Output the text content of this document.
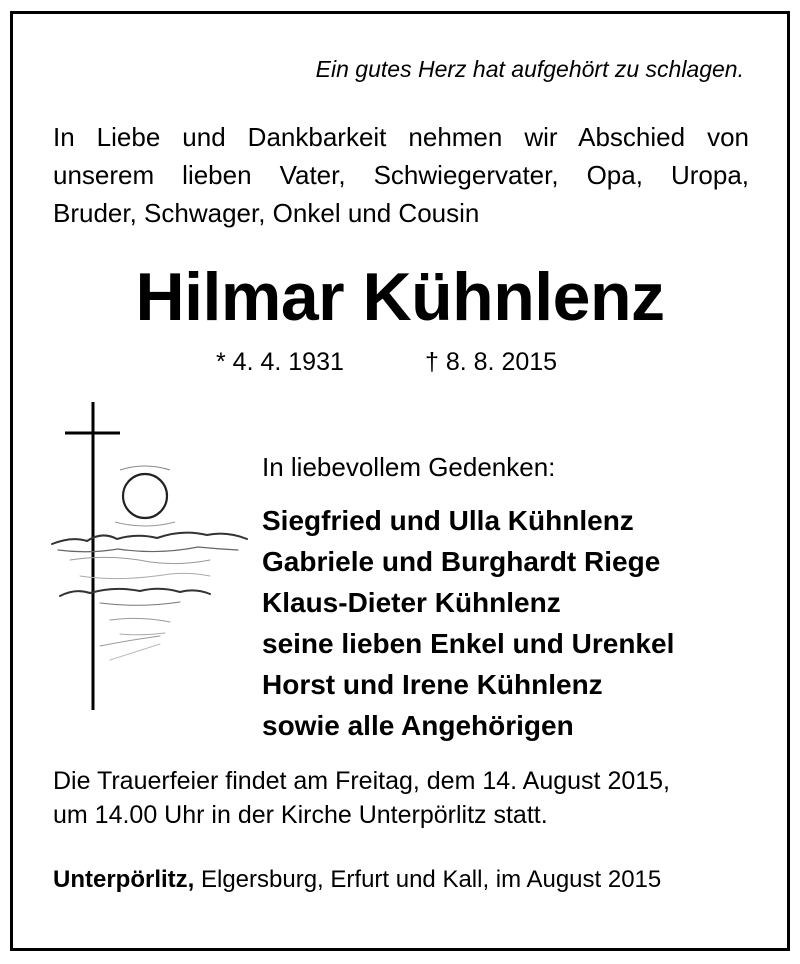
Ein gutes Herz hat aufgehört zu schlagen.
In Liebe und Dankbarkeit nehmen wir Abschied von
unserem lieben Vater, Schwiegervater, Opa, Uropa,
Bruder, Schwager, Onkel und Cousin
Hilmar Kühnlenz
* 4. 4. 1931	† 8. 8. 2015
In liebevollem Gedenken:
Siegfried und Ulla Kühnlenz
Gabriele und Burghardt Riege
Klaus-Dieter Kühnlenz
seine lieben Enkel und Urenkel
Horst und Irene Kühnlenz
sowie alle Angehörigen
Die Trauerfeier findet am Freitag, dem 14. August 2015,
um 14.00 Uhr in der Kirche Unterpörlitz statt.
Unterpörlitz, Elgersburg, Erfurt und Kall, im August 2015
